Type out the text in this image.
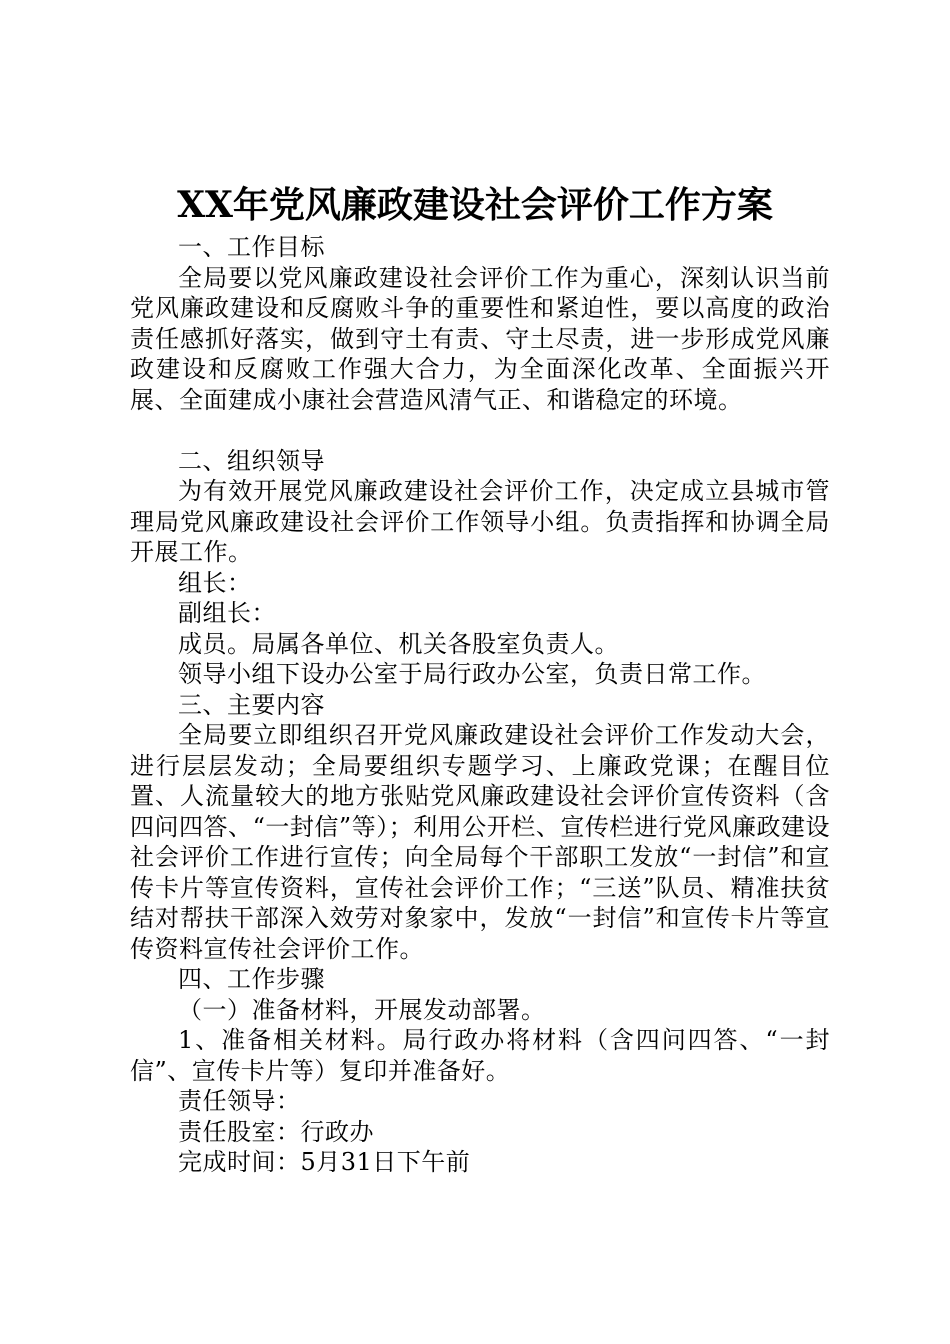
XX年党风廉政建设社会评价工作方案

一、工作目标

全局要以党风廉政建设社会评价工作为重心，深刻认识当前党风廉政建设和反腐败斗争的重要性和紧迫性，要以高度的政治责任感抓好落实，做到守土有责、守土尽责，进一步形成党风廉政建设和反腐败工作强大合力，为全面深化改革、全面振兴开展、全面建成小康社会营造风清气正、和谐稳定的环境。

二、组织领导

为有效开展党风廉政建设社会评价工作，决定成立县城市管理局党风廉政建设社会评价工作领导小组。负责指挥和协调全局开展工作。

组长：

副组长：

成员。局属各单位、机关各股室负责人。

领导小组下设办公室于局行政办公室，负责日常工作。

三、主要内容

全局要立即组织召开党风廉政建设社会评价工作发动大会，进行层层发动；全局要组织专题学习、上廉政党课；在醒目位置、人流量较大的地方张贴党风廉政建设社会评价宣传资料（含四问四答、“一封信”等）；利用公开栏、宣传栏进行党风廉政建设社会评价工作进行宣传；向全局每个干部职工发放“一封信”和宣传卡片等宣传资料，宣传社会评价工作；“三送”队员、精准扶贫结对帮扶干部深入效劳对象家中，发放“一封信”和宣传卡片等宣传资料宣传社会评价工作。

四、工作步骤

（一）准备材料，开展发动部署。

1、准备相关材料。局行政办将材料（含四问四答、“一封信”、宣传卡片等）复印并准备好。

责任领导：

责任股室：行政办

完成时间：5月31日下午前
